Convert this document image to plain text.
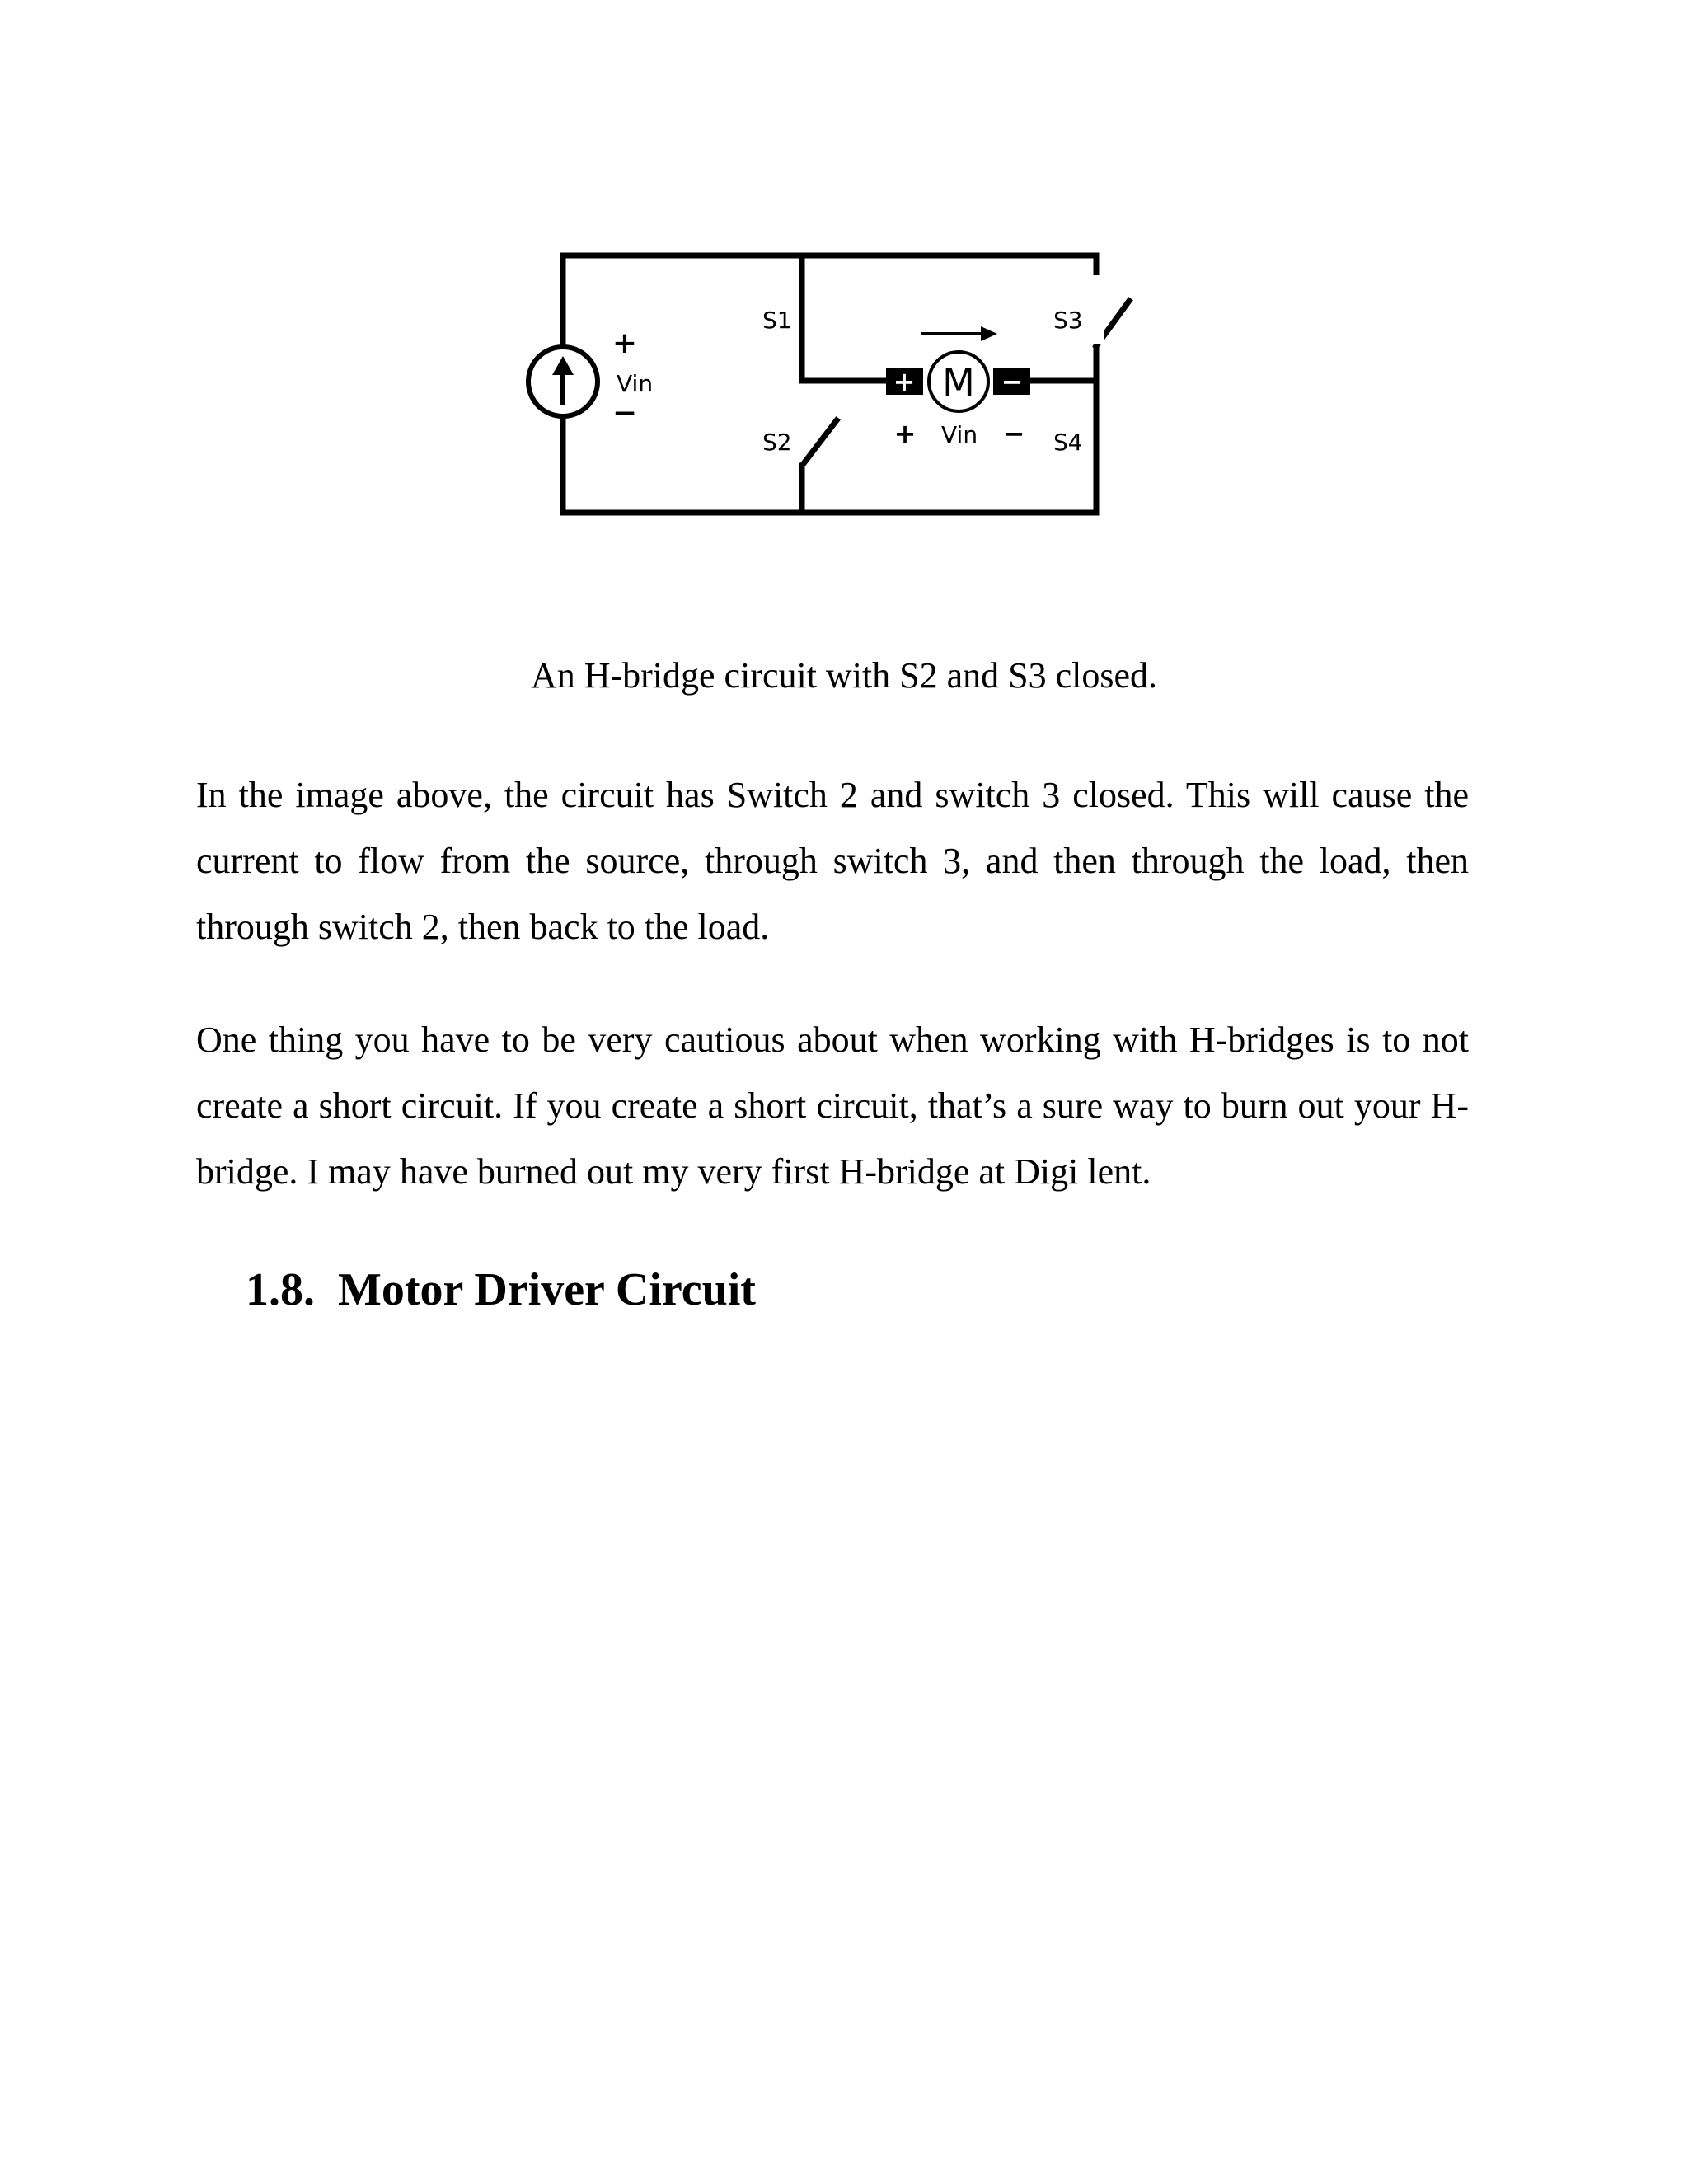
+
Vin
−
S1
S2
S3
S4
M
+	−
+ Vin −

An H-bridge circuit with S2 and S3 closed.

In the image above, the circuit has Switch 2 and switch 3 closed. This will cause the current to flow from the source, through switch 3, and then through the load, then through switch 2, then back to the load.

One thing you have to be very cautious about when working with H-bridges is to not create a short circuit. If you create a short circuit, that’s a sure way to burn out your H-bridge. I may have burned out my very first H-bridge at Digi lent.

1.8. Motor Driver Circuit
